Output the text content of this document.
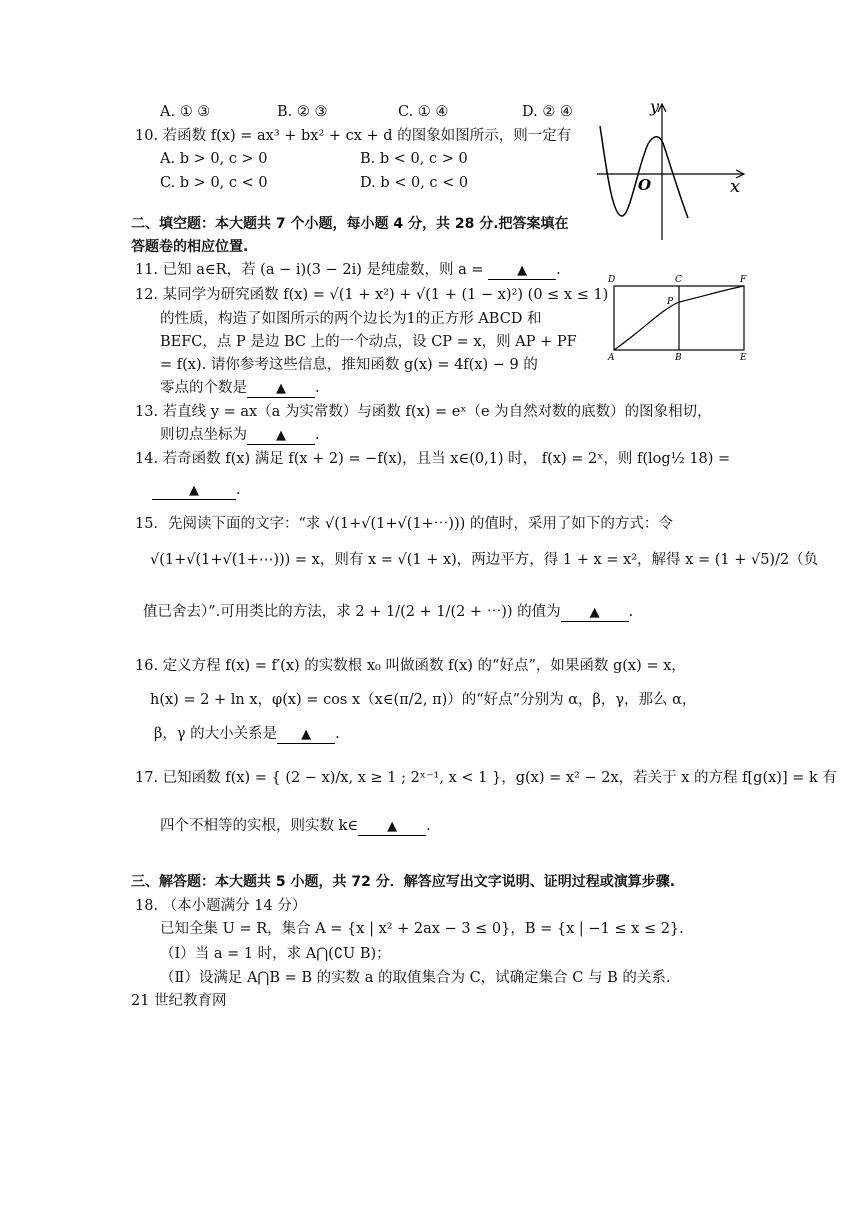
A. ① ③	B. ② ③	C. ① ④	D. ② ④
10. 若函数 f(x) = ax³ + bx² + cx + d 的图象如图所示，则一定有
A. b > 0, c > 0	B. b < 0, c > 0
C. b > 0, c < 0	D. b < 0, c < 0
y
x
O
二、填空题：本大题共 7 个小题，每小题 4 分，共 28 分.把答案填在
答题卷的相应位置.
11. 已知 a∈R，若 (a − i)(3 − 2i) 是纯虚数，则 a = ▲ .
12. 某同学为研究函数 f(x) = √(1 + x²) + √(1 + (1 − x)²) (0 ≤ x ≤ 1)
的性质，构造了如图所示的两个边长为1的正方形 ABCD 和
BEFC，点 P 是边 BC 上的一个动点，设 CP = x，则 AP + PF
= f(x). 请你参考这些信息，推知函数 g(x) = 4f(x) − 9 的
零点的个数是 ▲ .
D	C	F
P
A	B	E
13. 若直线 y = ax（a 为实常数）与函数 f(x) = eˣ（e 为自然对数的底数）的图象相切，
则切点坐标为 ▲ .
14. 若奇函数 f(x) 满足 f(x + 2) = −f(x)，且当 x∈(0,1) 时， f(x) = 2ˣ，则 f(log½ 18) =
▲	.
15．先阅读下面的文字：“求 √(1+√(1+√(1+⋯))) 的值时，采用了如下的方式：令
√(1+√(1+√(1+⋯))) = x，则有 x = √(1 + x)，两边平方，得 1 + x = x²，解得 x = (1 + √5)/2（负
值已舍去）”.可用类比的方法，求 2 + 1/(2 + 1/(2 + ⋯)) 的值为 ▲ .
16. 定义方程 f(x) = f′(x) 的实数根 x₀ 叫做函数 f(x) 的“好点”，如果函数 g(x) = x，
h(x) = 2 + ln x，φ(x) = cos x（x∈(π/2, π)）的“好点”分别为 α，β，γ，那么 α，
β，γ 的大小关系是 ▲ .
17. 已知函数 f(x) = { (2 − x)/x, x ≥ 1 ; 2ˣ⁻¹, x < 1 }，g(x) = x² − 2x，若关于 x 的方程 f[g(x)] = k 有
四个不相等的实根，则实数 k∈ ▲ .
三、解答题：本大题共 5 小题，共 72 分．解答应写出文字说明、证明过程或演算步骤.
18. （本小题满分 14 分）
已知全集 U = R，集合 A = {x | x² + 2ax − 3 ≤ 0}，B = {x | −1 ≤ x ≤ 2}.
（Ⅰ）当 a = 1 时，求 A⋂(∁U B)；
（Ⅱ）设满足 A⋂B = B 的实数 a 的取值集合为 C，试确定集合 C 与 B 的关系.
21 世纪教育网
